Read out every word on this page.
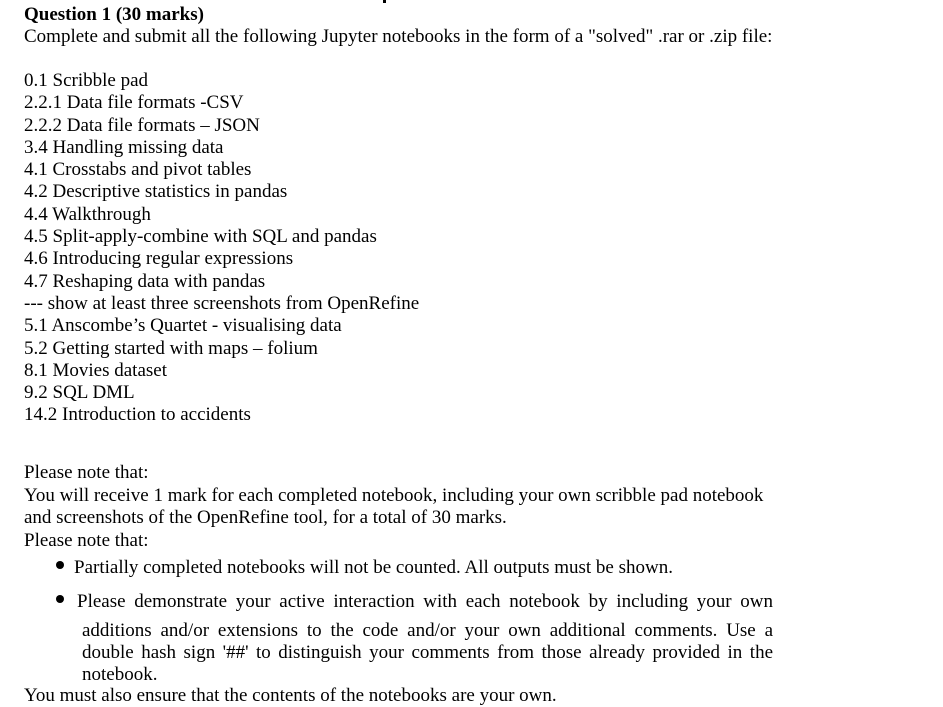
Question 1 (30 marks)
Complete and submit all the following Jupyter notebooks in the form of a "solved" .rar or .zip file:
0.1 Scribble pad
2.2.1 Data file formats -CSV
2.2.2 Data file formats – JSON
3.4 Handling missing data
4.1 Crosstabs and pivot tables
4.2 Descriptive statistics in pandas
4.4 Walkthrough
4.5 Split-apply-combine with SQL and pandas
4.6 Introducing regular expressions
4.7 Reshaping data with pandas
--- show at least three screenshots from OpenRefine
5.1 Anscombe’s Quartet - visualising data
5.2 Getting started with maps – folium
8.1 Movies dataset
9.2 SQL DML
14.2 Introduction to accidents
Please note that:
You will receive 1 mark for each completed notebook, including your own scribble pad notebook and screenshots of the OpenRefine tool, for a total of 30 marks.
Please note that:
Partially completed notebooks will not be counted. All outputs must be shown.
Please demonstrate your active interaction with each notebook by including your own
additions and/or extensions to the code and/or your own additional comments. Use a double hash sign '##' to distinguish your comments from those already provided in the notebook.
You must also ensure that the contents of the notebooks are your own.
